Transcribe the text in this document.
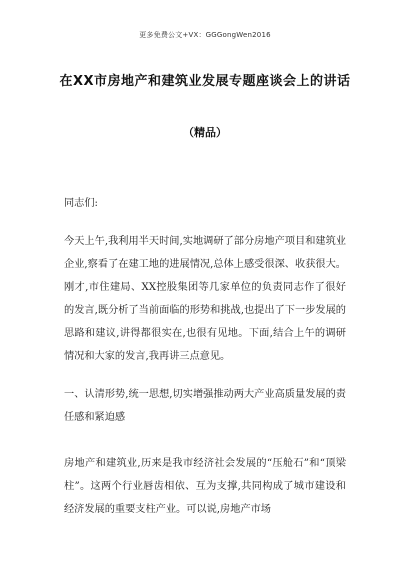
更多免费公文+VX：GGGongWen2016
在XX市房地产和建筑业发展专题座谈会上的讲话
（精品）
同志们:
今天上午,我利用半天时间,实地调研了部分房地产项目和建筑业企业,察看了在建工地的进展情况,总体上感受很深、收获很大。刚才,市住建局、XX控股集团等几家单位的负责同志作了很好的发言,既分析了当前面临的形势和挑战,也提出了下一步发展的思路和建议,讲得都很实在,也很有见地。下面,结合上午的调研情况和大家的发言,我再讲三点意见。
一、认清形势,统一思想,切实增强推动两大产业高质量发展的责任感和紧迫感
房地产和建筑业,历来是我市经济社会发展的“压舱石”和“顶梁柱”。这两个行业唇齿相依、互为支撑,共同构成了城市建设和经济发展的重要支柱产业。可以说,房地产市场
